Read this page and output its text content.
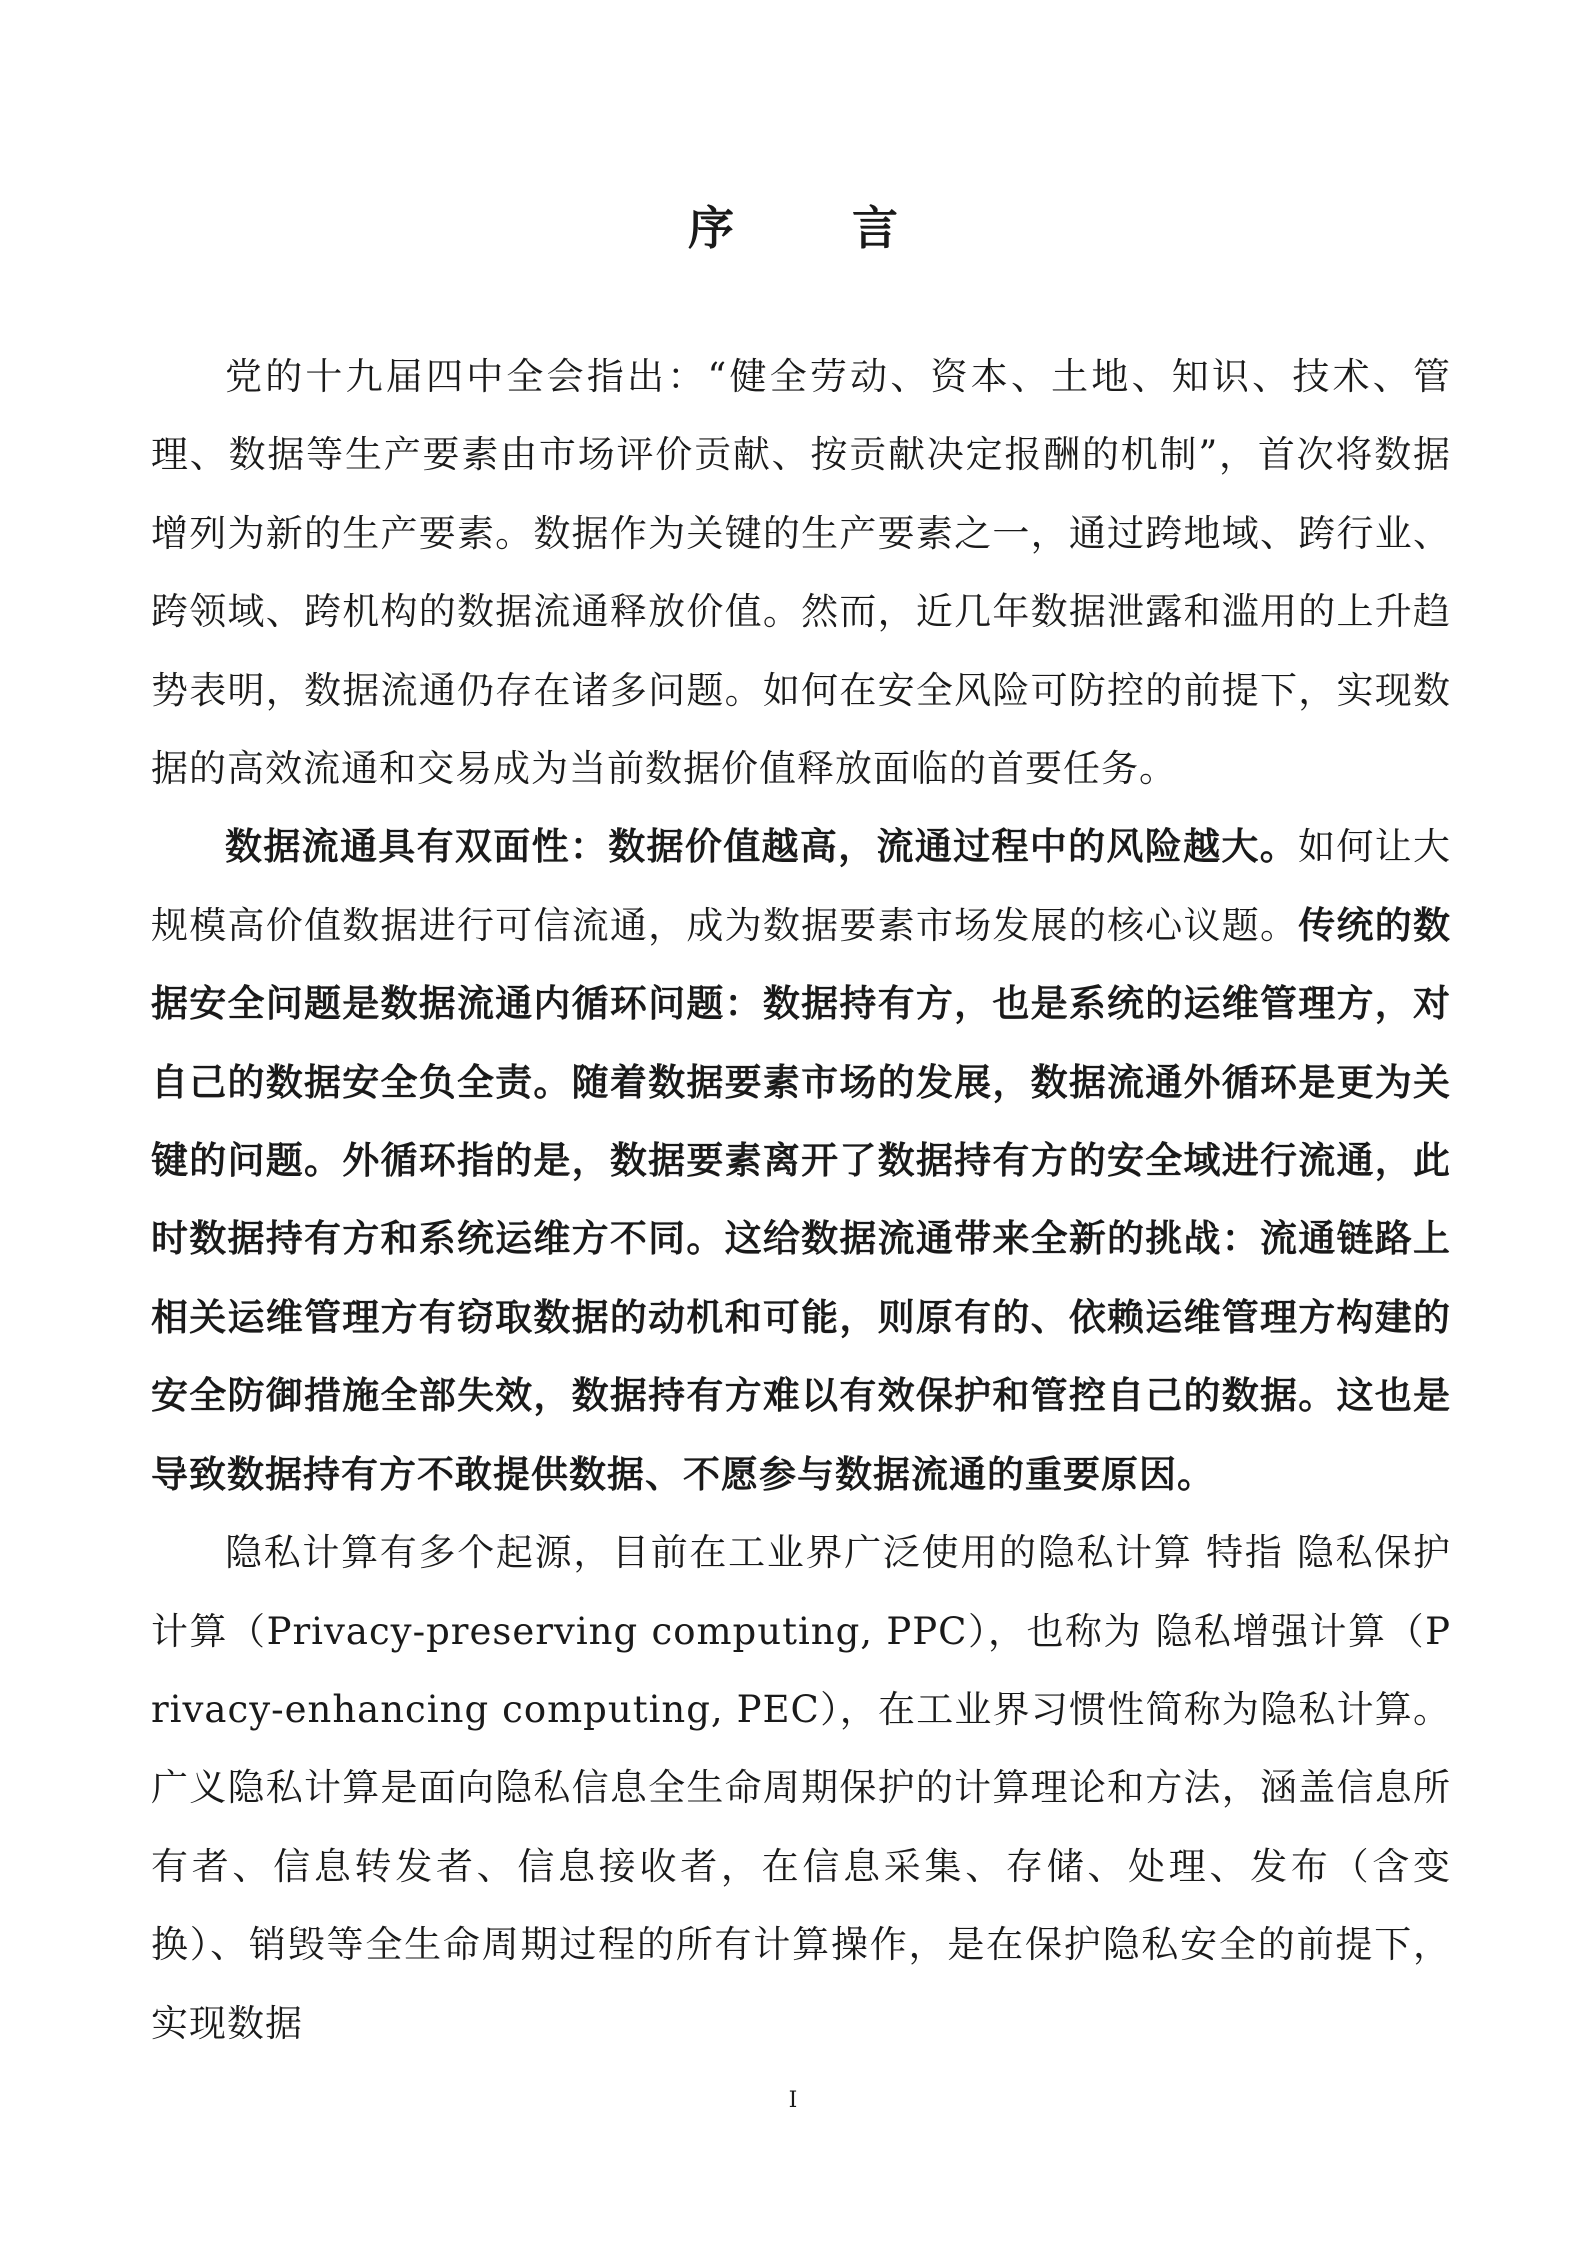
序　言

党的十九届四中全会指出：“健全劳动、资本、土地、知识、技术、管理、数据等生产要素由市场评价贡献、按贡献决定报酬的机制”，首次将数据增列为新的生产要素。数据作为关键的生产要素之一，通过跨地域、跨行业、跨领域、跨机构的数据流通释放价值。然而，近几年数据泄露和滥用的上升趋势表明，数据流通仍存在诸多问题。如何在安全风险可防控的前提下，实现数据的高效流通和交易成为当前数据价值释放面临的首要任务。

数据流通具有双面性：数据价值越高，流通过程中的风险越大。如何让大规模高价值数据进行可信流通，成为数据要素市场发展的核心议题。传统的数据安全问题是数据流通内循环问题：数据持有方，也是系统的运维管理方，对自己的数据安全负全责。随着数据要素市场的发展，数据流通外循环是更为关键的问题。外循环指的是，数据要素离开了数据持有方的安全域进行流通，此时数据持有方和系统运维方不同。这给数据流通带来全新的挑战：流通链路上相关运维管理方有窃取数据的动机和可能，则原有的、依赖运维管理方构建的安全防御措施全部失效，数据持有方难以有效保护和管控自己的数据。这也是导致数据持有方不敢提供数据、不愿参与数据流通的重要原因。

隐私计算有多个起源，目前在工业界广泛使用的隐私计算 特指 隐私保护计算（Privacy-preserving computing, PPC），也称为 隐私增强计算（Privacy-enhancing computing, PEC），在工业界习惯性简称为隐私计算。广义隐私计算是面向隐私信息全生命周期保护的计算理论和方法，涵盖信息所有者、信息转发者、信息接收者，在信息采集、存储、处理、发布（含变换）、销毁等全生命周期过程的所有计算操作，是在保护隐私安全的前提下，实现数据

I
